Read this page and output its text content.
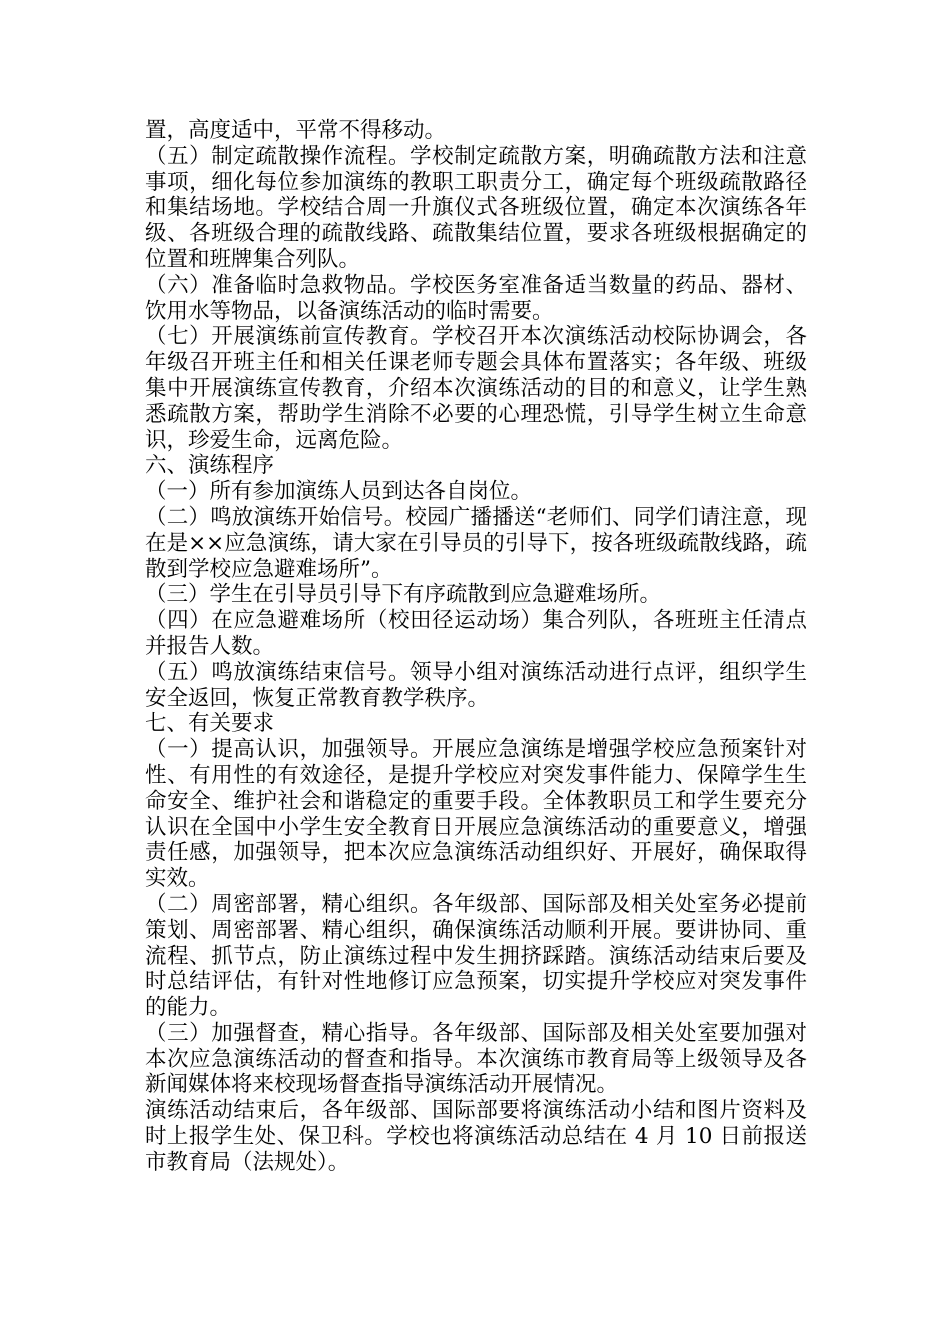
置，高度适中，平常不得移动。

（五）制定疏散操作流程。学校制定疏散方案，明确疏散方法和注意事项，细化每位参加演练的教职工职责分工，确定每个班级疏散路径和集结场地。学校结合周一升旗仪式各班级位置，确定本次演练各年级、各班级合理的疏散线路、疏散集结位置，要求各班级根据确定的位置和班牌集合列队。

（六）准备临时急救物品。学校医务室准备适当数量的药品、器材、饮用水等物品，以备演练活动的临时需要。

（七）开展演练前宣传教育。学校召开本次演练活动校际协调会，各年级召开班主任和相关任课老师专题会具体布置落实；各年级、班级集中开展演练宣传教育，介绍本次演练活动的目的和意义，让学生熟悉疏散方案，帮助学生消除不必要的心理恐慌，引导学生树立生命意识，珍爱生命，远离危险。

六、演练程序

（一）所有参加演练人员到达各自岗位。

（二）鸣放演练开始信号。校园广播播送“老师们、同学们请注意，现在是××应急演练，请大家在引导员的引导下，按各班级疏散线路，疏散到学校应急避难场所”。

（三）学生在引导员引导下有序疏散到应急避难场所。

（四）在应急避难场所（校田径运动场）集合列队，各班班主任清点并报告人数。

（五）鸣放演练结束信号。领导小组对演练活动进行点评，组织学生安全返回，恢复正常教育教学秩序。

七、有关要求

（一）提高认识，加强领导。开展应急演练是增强学校应急预案针对性、有用性的有效途径，是提升学校应对突发事件能力、保障学生生命安全、维护社会和谐稳定的重要手段。全体教职员工和学生要充分认识在全国中小学生安全教育日开展应急演练活动的重要意义，增强责任感，加强领导，把本次应急演练活动组织好、开展好，确保取得实效。

（二）周密部署，精心组织。各年级部、国际部及相关处室务必提前策划、周密部署、精心组织，确保演练活动顺利开展。要讲协同、重流程、抓节点，防止演练过程中发生拥挤踩踏。演练活动结束后要及时总结评估，有针对性地修订应急预案，切实提升学校应对突发事件的能力。

（三）加强督查，精心指导。各年级部、国际部及相关处室要加强对本次应急演练活动的督查和指导。本次演练市教育局等上级领导及各新闻媒体将来校现场督查指导演练活动开展情况。

演练活动结束后，各年级部、国际部要将演练活动小结和图片资料及时上报学生处、保卫科。学校也将演练活动总结在 4 月 10 日前报送市教育局（法规处）。
